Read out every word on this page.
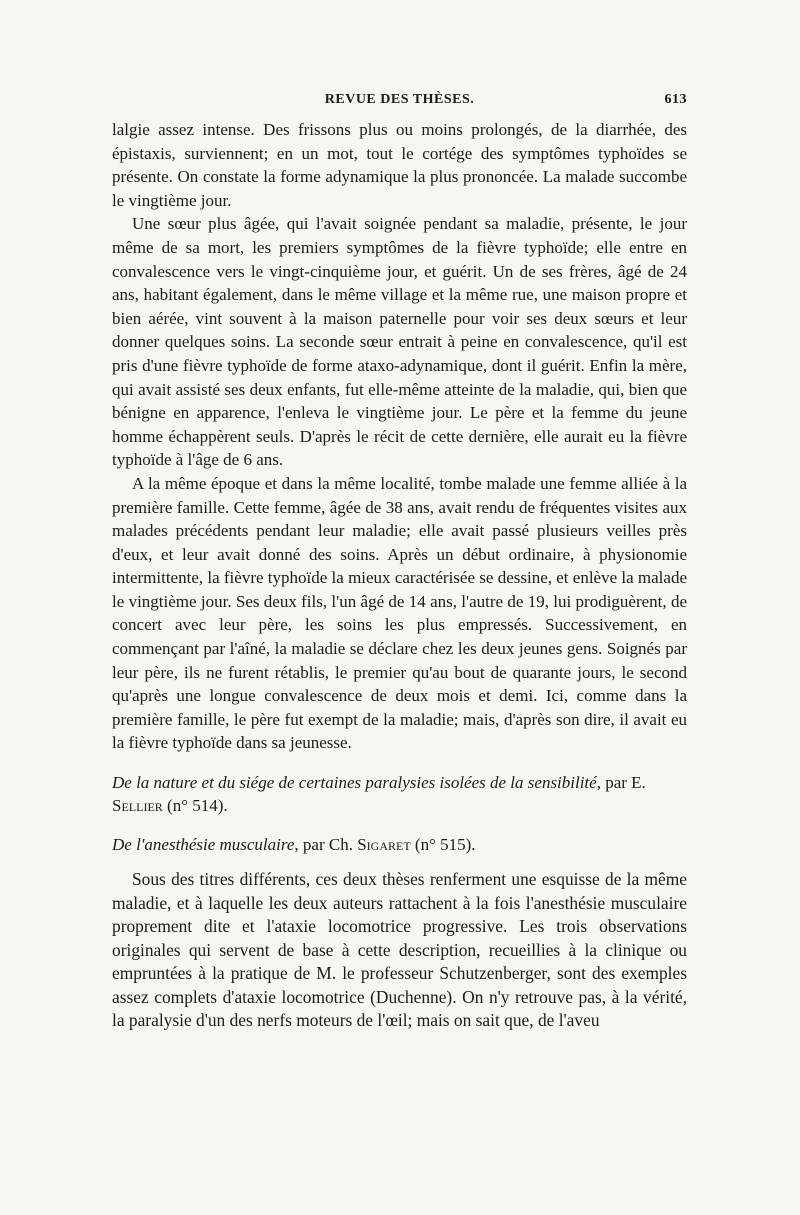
REVUE DES THÈSES.	613

lalgie assez intense. Des frissons plus ou moins prolongés, de la diarrhée, des épistaxis, surviennent; en un mot, tout le cortége des symptômes typhoïdes se présente. On constate la forme adynamique la plus prononcée. La malade succombe le vingtième jour.

Une sœur plus âgée, qui l'avait soignée pendant sa maladie, présente, le jour même de sa mort, les premiers symptômes de la fièvre typhoïde; elle entre en convalescence vers le vingt-cinquième jour, et guérit. Un de ses frères, âgé de 24 ans, habitant également, dans le même village et la même rue, une maison propre et bien aérée, vint souvent à la maison paternelle pour voir ses deux sœurs et leur donner quelques soins. La seconde sœur entrait à peine en convalescence, qu'il est pris d'une fièvre typhoïde de forme ataxo-adynamique, dont il guérit. Enfin la mère, qui avait assisté ses deux enfants, fut elle-même atteinte de la maladie, qui, bien que bénigne en apparence, l'enleva le vingtième jour. Le père et la femme du jeune homme échappèrent seuls. D'après le récit de cette dernière, elle aurait eu la fièvre typhoïde à l'âge de 6 ans.

A la même époque et dans la même localité, tombe malade une femme alliée à la première famille. Cette femme, âgée de 38 ans, avait rendu de fréquentes visites aux malades précédents pendant leur maladie; elle avait passé plusieurs veilles près d'eux, et leur avait donné des soins. Après un début ordinaire, à physionomie intermittente, la fièvre typhoïde la mieux caractérisée se dessine, et enlève la malade le vingtième jour. Ses deux fils, l'un âgé de 14 ans, l'autre de 19, lui prodiguèrent, de concert avec leur père, les soins les plus empressés. Successivement, en commençant par l'aîné, la maladie se déclare chez les deux jeunes gens. Soignés par leur père, ils ne furent rétablis, le premier qu'au bout de quarante jours, le second qu'après une longue convalescence de deux mois et demi. Ici, comme dans la première famille, le père fut exempt de la maladie; mais, d'après son dire, il avait eu la fièvre typhoïde dans sa jeunesse.

De la nature et du siége de certaines paralysies isolées de la sensibilité, par E. Sellier (n° 514).

De l'anesthésie musculaire, par Ch. Sigaret (n° 515).

Sous des titres différents, ces deux thèses renferment une esquisse de la même maladie, et à laquelle les deux auteurs rattachent à la fois l'anesthésie musculaire proprement dite et l'ataxie locomotrice progressive. Les trois observations originales qui servent de base à cette description, recueillies à la clinique ou empruntées à la pratique de M. le professeur Schutzenberger, sont des exemples assez complets d'ataxie locomotrice (Duchenne). On n'y retrouve pas, à la vérité, la paralysie d'un des nerfs moteurs de l'œil; mais on sait que, de l'aveu
